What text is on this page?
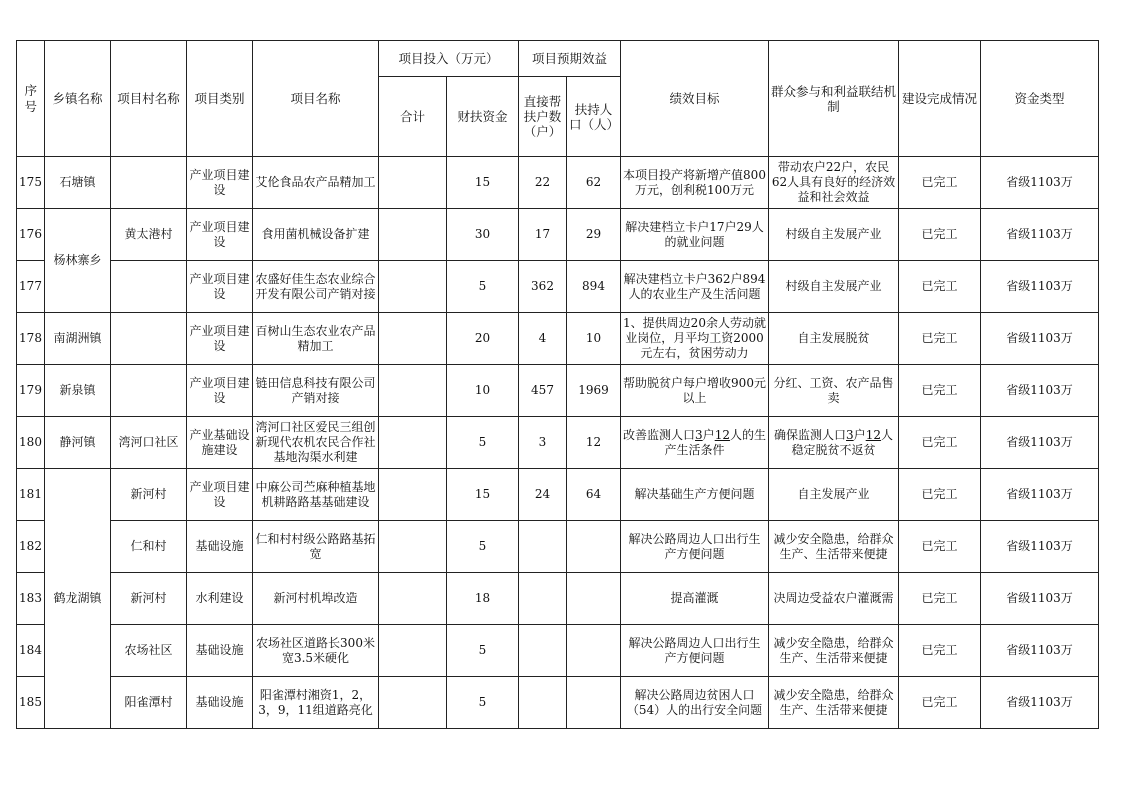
序号	乡镇名称	项目村名称	项目类别	项目名称	项目投入（万元）		项目预期效益		绩效目标	群众参与和利益联结机制	建设完成情况	资金类型
					合计	财扶资金	直接帮扶户数（户）	扶持人口（人）				
175	石塘镇		产业项目建设	艾伦食品农产品精加工		15	22	62	本项目投产将新增产值800万元，创利税100万元	带动农户22户，农民62人具有良好的经济效益和社会效益	已完工	省级1103万
176	杨林寨乡	黄太港村	产业项目建设	食用菌机械设备扩建		30	17	29	解决建档立卡户17户29人的就业问题	村级自主发展产业	已完工	省级1103万
177			产业项目建设	农盛好佳生态农业综合开发有限公司产销对接		5	362	894	解决建档立卡户362户894人的农业生产及生活问题	村级自主发展产业	已完工	省级1103万
178	南湖洲镇		产业项目建设	百树山生态农业农产品精加工		20	4	10	1、提供周边20余人劳动就业岗位，月平均工资2000元左右，贫困劳动力	自主发展脱贫	已完工	省级1103万
179	新泉镇		产业项目建设	链田信息科技有限公司产销对接		10	457	1969	帮助脱贫户每户增收900元以上	分红、工资、农产品售卖	已完工	省级1103万
180	静河镇	湾河口社区	产业基础设施建设	湾河口社区爱民三组创新现代农机农民合作社基地沟渠水利建		5	3	12	改善监测人口3户12人的生产生活条件	确保监测人口3户12人稳定脱贫不返贫	已完工	省级1103万
181	鹤龙湖镇	新河村	产业项目建设	中麻公司苎麻种植基地机耕路路基基础建设		15	24	64	解决基础生产方便问题	自主发展产业	已完工	省级1103万
182		仁和村	基础设施	仁和村村级公路路基拓宽		5			解决公路周边人口出行生产方便问题	减少安全隐患，给群众生产、生活带来便捷	已完工	省级1103万
183		新河村	水利建设	新河村机埠改造		18			提高灌溉	决周边受益农户灌溉需	已完工	省级1103万
184		农场社区	基础设施	农场社区道路长300米宽3.5米硬化		5			解决公路周边人口出行生产方便问题	减少安全隐患，给群众生产、生活带来便捷	已完工	省级1103万
185		阳雀潭村	基础设施	阳雀潭村湘资1，2，3，9，11组道路亮化		5			解决公路周边贫困人口（54）人的出行安全问题	减少安全隐患，给群众生产、生活带来便捷	已完工	省级1103万
